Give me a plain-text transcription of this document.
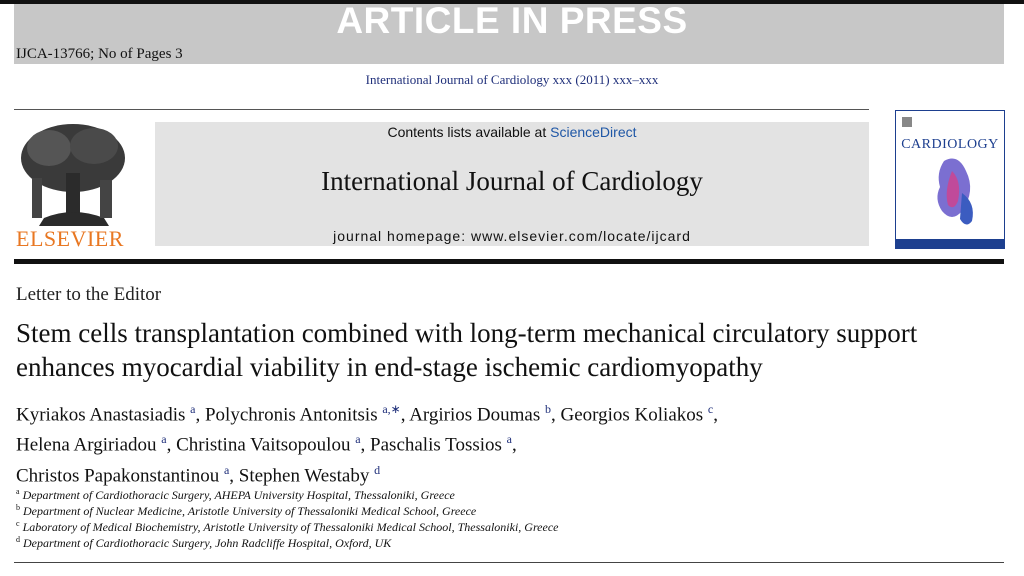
ARTICLE IN PRESS
IJCA-13766; No of Pages 3
International Journal of Cardiology xxx (2011) xxx–xxx
ELSEVIER
Contents lists available at ScienceDirect
International Journal of Cardiology
journal homepage: www.elsevier.com/locate/ijcard
CARDIOLOGY
Letter to the Editor
Stem cells transplantation combined with long-term mechanical circulatory support
enhances myocardial viability in end-stage ischemic cardiomyopathy
Kyriakos Anastasiadis $^a$, Polychronis Antonitsis $^{a,∗}$, Argirios Doumas $^b$, Georgios Koliakos $^c$,
Helena Argiriadou $^a$, Christina Vaitsopoulou $^a$, Paschalis Tossios $^a$,
Christos Papakonstantinou $^a$, Stephen Westaby $^d$
$^a$ Department of Cardiothoracic Surgery, AHEPA University Hospital, Thessaloniki, Greece
$^b$ Department of Nuclear Medicine, Aristotle University of Thessaloniki Medical School, Greece
$^c$ Laboratory of Medical Biochemistry, Aristotle University of Thessaloniki Medical School, Thessaloniki, Greece
$^d$ Department of Cardiothoracic Surgery, John Radcliffe Hospital, Oxford, UK
